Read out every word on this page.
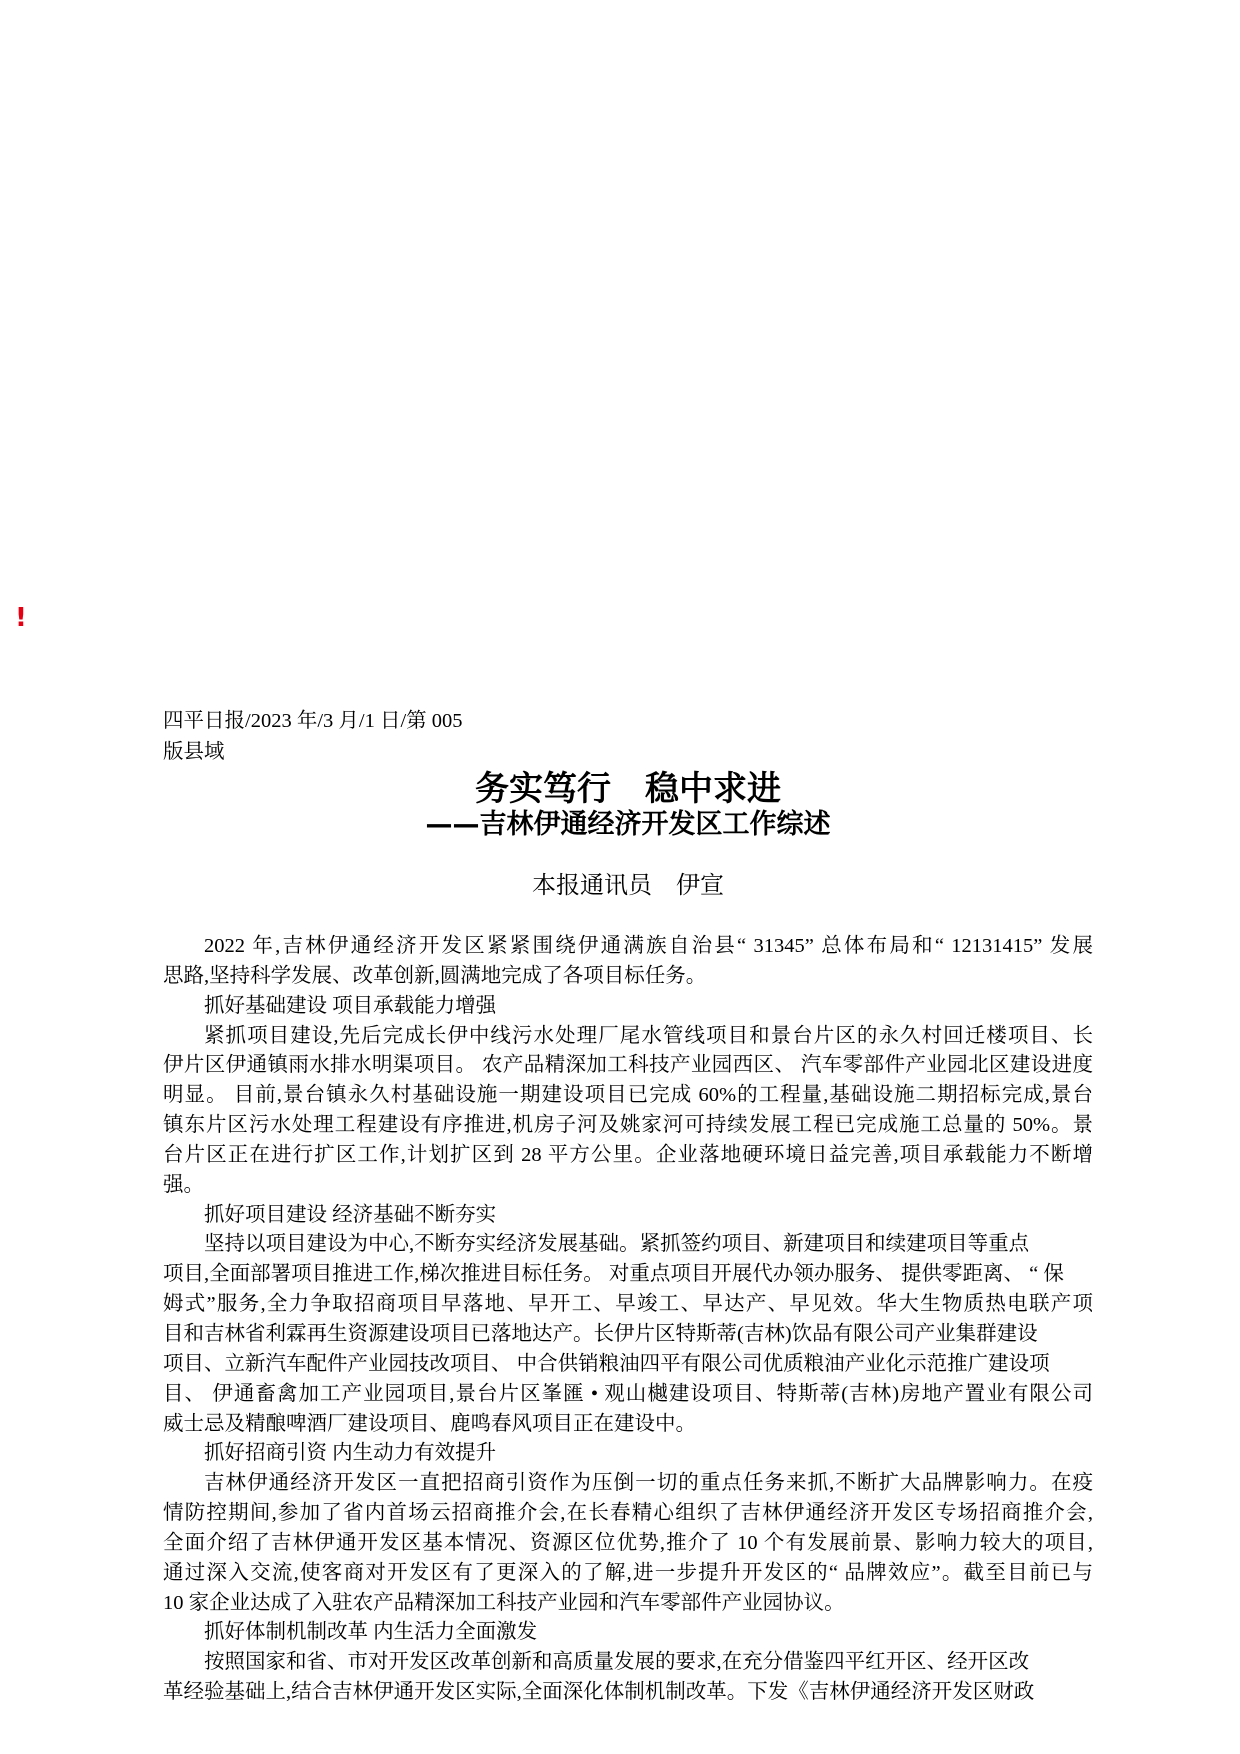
!
四平日报/2023 年/3 月/1 日/第 005
版县域
务实笃行　稳中求进
——吉林伊通经济开发区工作综述
本报通讯员　伊宣
2022 年,吉林伊通经济开发区紧紧围绕伊通满族自治县“ 31345” 总体布局和“ 12131415” 发展
思路,坚持科学发展、改革创新,圆满地完成了各项目标任务。
抓好基础建设 项目承载能力增强
紧抓项目建设,先后完成长伊中线污水处理厂尾水管线项目和景台片区的永久村回迁楼项目、长
伊片区伊通镇雨水排水明渠项目。 农产品精深加工科技产业园西区、 汽车零部件产业园北区建设进度
明显。 目前,景台镇永久村基础设施一期建设项目已完成 60%的工程量,基础设施二期招标完成,景台
镇东片区污水处理工程建设有序推进,机房子河及姚家河可持续发展工程已完成施工总量的 50%。景
台片区正在进行扩区工作,计划扩区到 28 平方公里。企业落地硬环境日益完善,项目承载能力不断增
强。
抓好项目建设 经济基础不断夯实
坚持以项目建设为中心,不断夯实经济发展基础。紧抓签约项目、新建项目和续建项目等重点
项目,全面部署项目推进工作,梯次推进目标任务。 对重点项目开展代办领办服务、 提供零距离、 “ 保
姆式”服务,全力争取招商项目早落地、早开工、早竣工、早达产、早见效。华大生物质热电联产项
目和吉林省利霖再生资源建设项目已落地达产。长伊片区特斯蒂(吉林)饮品有限公司产业集群建设
项目、立新汽车配件产业园技改项目、 中合供销粮油四平有限公司优质粮油产业化示范推广建设项
目、 伊通畜禽加工产业园项目,景台片区峯匯 • 观山樾建设项目、特斯蒂(吉林)房地产置业有限公司
威士忌及精酿啤酒厂建设项目、鹿鸣春风项目正在建设中。
抓好招商引资 内生动力有效提升
吉林伊通经济开发区一直把招商引资作为压倒一切的重点任务来抓,不断扩大品牌影响力。在疫
情防控期间,参加了省内首场云招商推介会,在长春精心组织了吉林伊通经济开发区专场招商推介会,
全面介绍了吉林伊通开发区基本情况、资源区位优势,推介了 10 个有发展前景、影响力较大的项目,
通过深入交流,使客商对开发区有了更深入的了解,进一步提升开发区的“ 品牌效应”。截至目前已与
10 家企业达成了入驻农产品精深加工科技产业园和汽车零部件产业园协议。
抓好体制机制改革 内生活力全面激发
按照国家和省、市对开发区改革创新和高质量发展的要求,在充分借鉴四平红开区、经开区改
革经验基础上,结合吉林伊通开发区实际,全面深化体制机制改革。下发《吉林伊通经济开发区财政
